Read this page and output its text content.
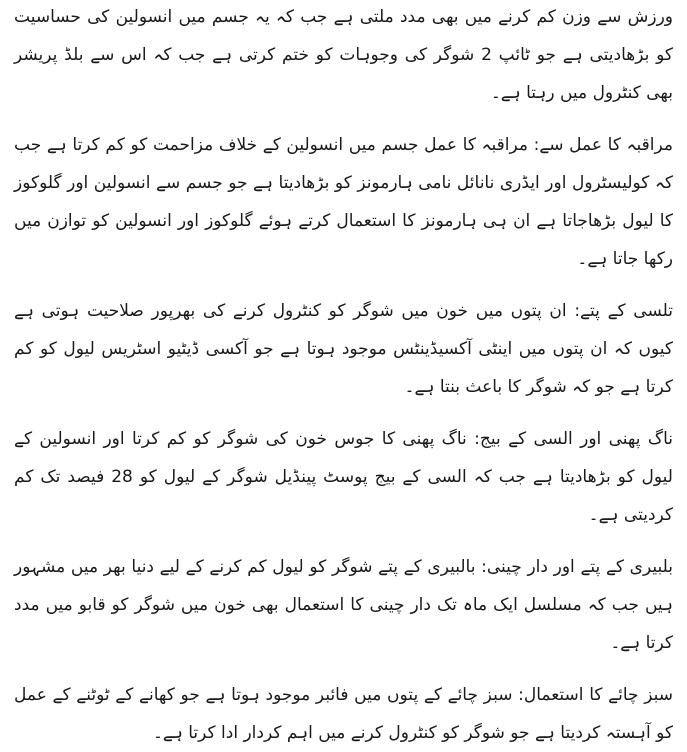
ورزش سے وزن کم کرنے میں بھی مدد ملتی ہے جب کہ یہ جسم میں انسولین کی حساسیت کو بڑھادیتی ہے جو ٹائپ 2 شوگر کی وجوہات کو ختم کرتی ہے جب کہ اس سے بلڈ پریشر بھی کنٹرول میں رہتا ہے۔

مراقبہ کا عمل سے: مراقبہ کا عمل جسم میں انسولین کے خلاف مزاحمت کو کم کرتا ہے جب کہ کولیسٹرول اور ایڈری نانائل نامی ہارمونز کو بڑھادیتا ہے جو جسم سے انسولین اور گلوکوز کا لیول بڑھاجاتا ہے ان ہی ہارمونز کا استعمال کرتے ہوئے گلوکوز اور انسولین کو توازن میں رکھا جاتا ہے۔

تلسی کے پتے: ان پتوں میں خون میں شوگر کو کنٹرول کرنے کی بھرپور صلاحیت ہوتی ہے کیوں کہ ان پتوں میں اینٹی آکسیڈینٹس موجود ہوتا ہے جو آکسی ڈیٹیو اسٹریس لیول کو کم کرتا ہے جو کہ شوگر کا باعث بنتا ہے۔

ناگ پھنی اور السی کے بیج: ناگ پھنی کا جوس خون کی شوگر کو کم کرتا اور انسولین کے لیول کو بڑھادیتا ہے جب کہ السی کے بیج پوسٹ پینڈیل شوگر کے لیول کو 28 فیصد تک کم کردیتی ہے۔

بلبیری کے پتے اور دار چینی: بالبیری کے پتے شوگر کو لیول کم کرنے کے لیے دنیا بھر میں مشہور ہیں جب کہ مسلسل ایک ماہ تک دار چینی کا استعمال بھی خون میں شوگر کو قابو میں مدد کرتا ہے۔

سبز چائے کا استعمال: سبز چائے کے پتوں میں فائبر موجود ہوتا ہے جو کھانے کے ٹوٹنے کے عمل کو آہستہ کردیتا ہے جو شوگر کو کنٹرول کرنے میں اہم کردار ادا کرتا ہے۔
